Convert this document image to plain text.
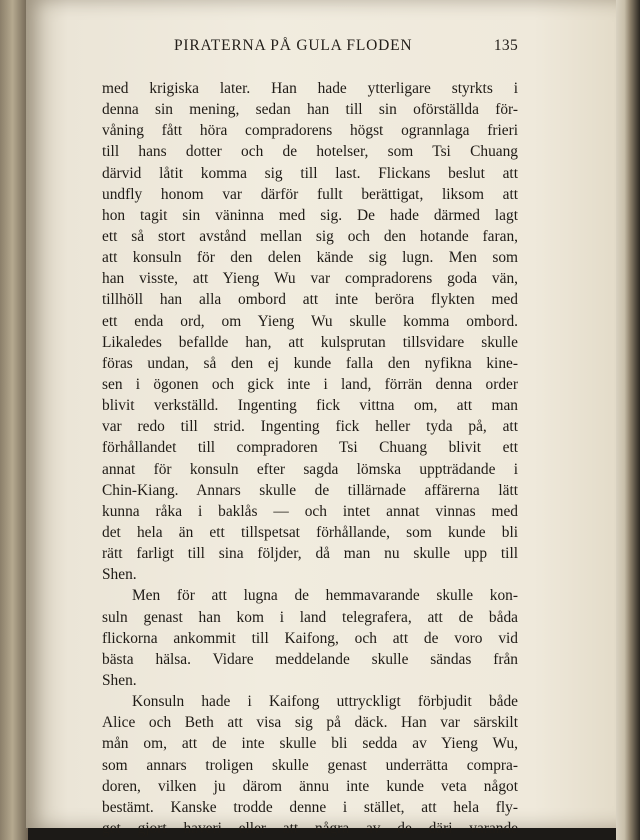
PIRATERNA PÅ GULA FLODEN	135
med krigiska later. Han hade ytterligare styrkts i
denna sin mening, sedan han till sin oförställda för-
våning fått höra compradorens högst ogrannlaga frieri
till hans dotter och de hotelser, som Tsi Chuang
därvid låtit komma sig till last. Flickans beslut att
undfly honom var därför fullt berättigat, liksom att
hon tagit sin väninna med sig. De hade därmed lagt
ett så stort avstånd mellan sig och den hotande faran,
att konsuln för den delen kände sig lugn. Men som
han visste, att Yieng Wu var compradorens goda vän,
tillhöll han alla ombord att inte beröra flykten med
ett enda ord, om Yieng Wu skulle komma ombord.
Likaledes befallde han, att kulsprutan tillsvidare skulle
föras undan, så den ej kunde falla den nyfikna kine-
sen i ögonen och gick inte i land, förrän denna order
blivit verkställd. Ingenting fick vittna om, att man
var redo till strid. Ingenting fick heller tyda på, att
förhållandet till compradoren Tsi Chuang blivit ett
annat för konsuln efter sagda lömska uppträdande i
Chin-Kiang. Annars skulle de tillärnade affärerna lätt
kunna råka i baklås — och intet annat vinnas med
det hela än ett tillspetsat förhållande, som kunde bli
rätt farligt till sina följder, då man nu skulle upp till
Shen.
Men för att lugna de hemmavarande skulle kon-
suln genast han kom i land telegrafera, att de båda
flickorna ankommit till Kaifong, och att de voro vid
bästa hälsa. Vidare meddelande skulle sändas från
Shen.
Konsuln hade i Kaifong uttryckligt förbjudit både
Alice och Beth att visa sig på däck. Han var särskilt
mån om, att de inte skulle bli sedda av Yieng Wu,
som annars troligen skulle genast underrätta compra-
doren, vilken ju därom ännu inte kunde veta något
bestämt. Kanske trodde denne i stället, att hela fly-
get gjort haveri eller att några av de däri varande
